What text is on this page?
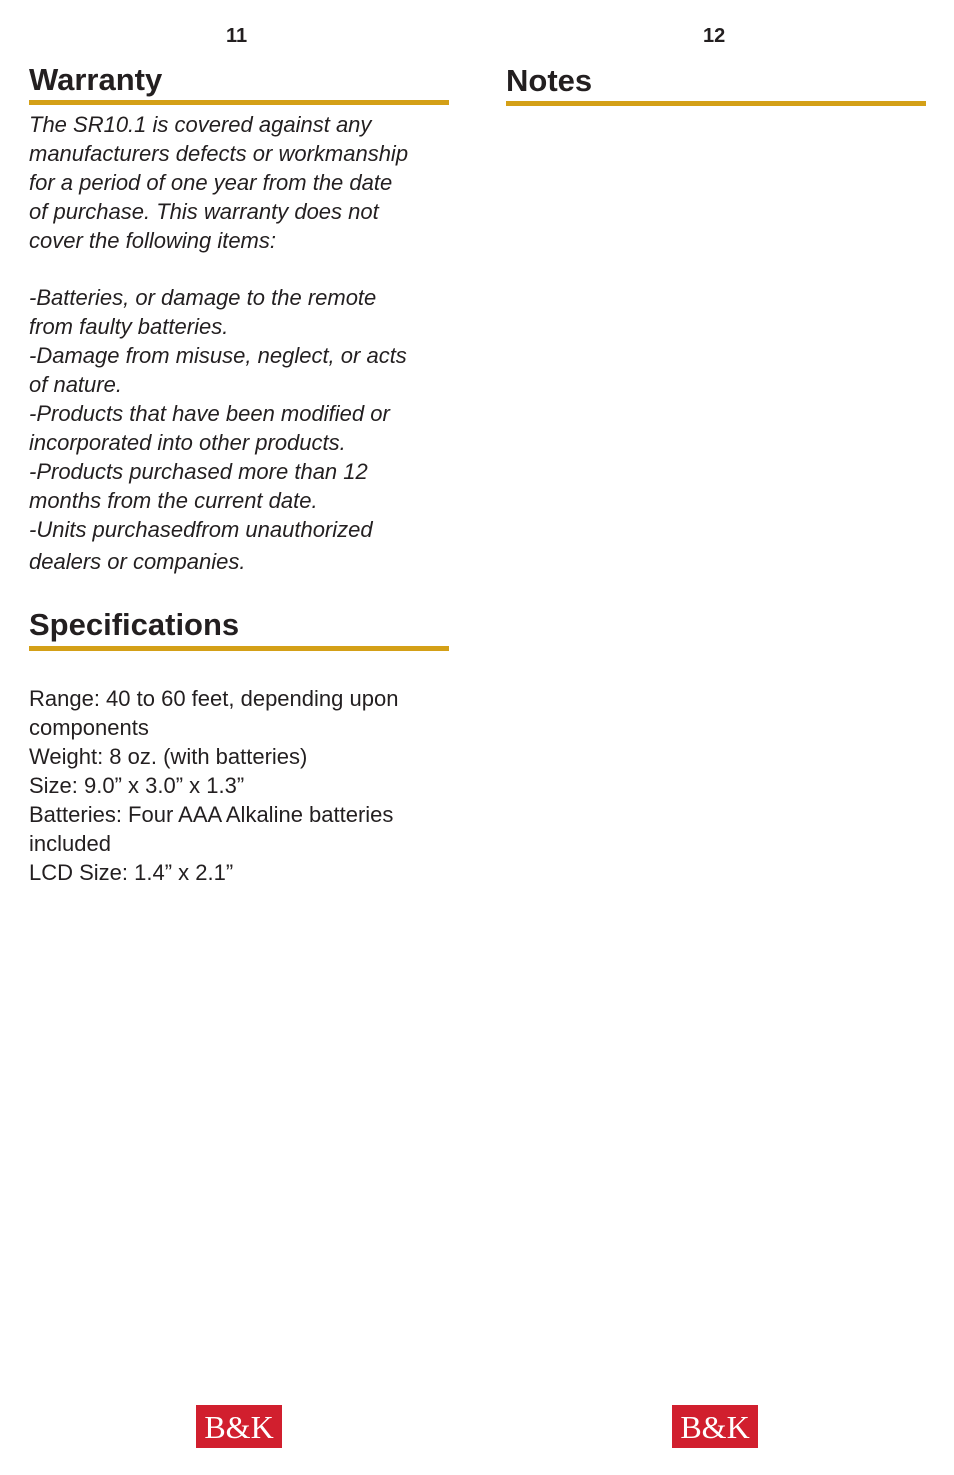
11
Warranty

The SR10.1 is covered against any

manufacturers defects or workmanship

for a period of one year from the date

of purchase. This warranty does not

cover the following items:

-Batteries, or damage to the remote

from faulty batteries.

-Damage from misuse, neglect, or acts

of nature.

-Products that have been modified or

incorporated into other products.

-Products purchased more than 12

months from the current date.

-Units purchasedfrom unauthorized

dealers or companies.

Specifications
Range: 40 to 60 feet, depending upon
components
Weight: 8 oz. (with batteries)
Size: 9.0” x 3.0” x 1.3”
Batteries: Four AAA Alkaline batteries
included
LCD Size: 1.4” x 2.1”
B&K
12
Notes
B&K
